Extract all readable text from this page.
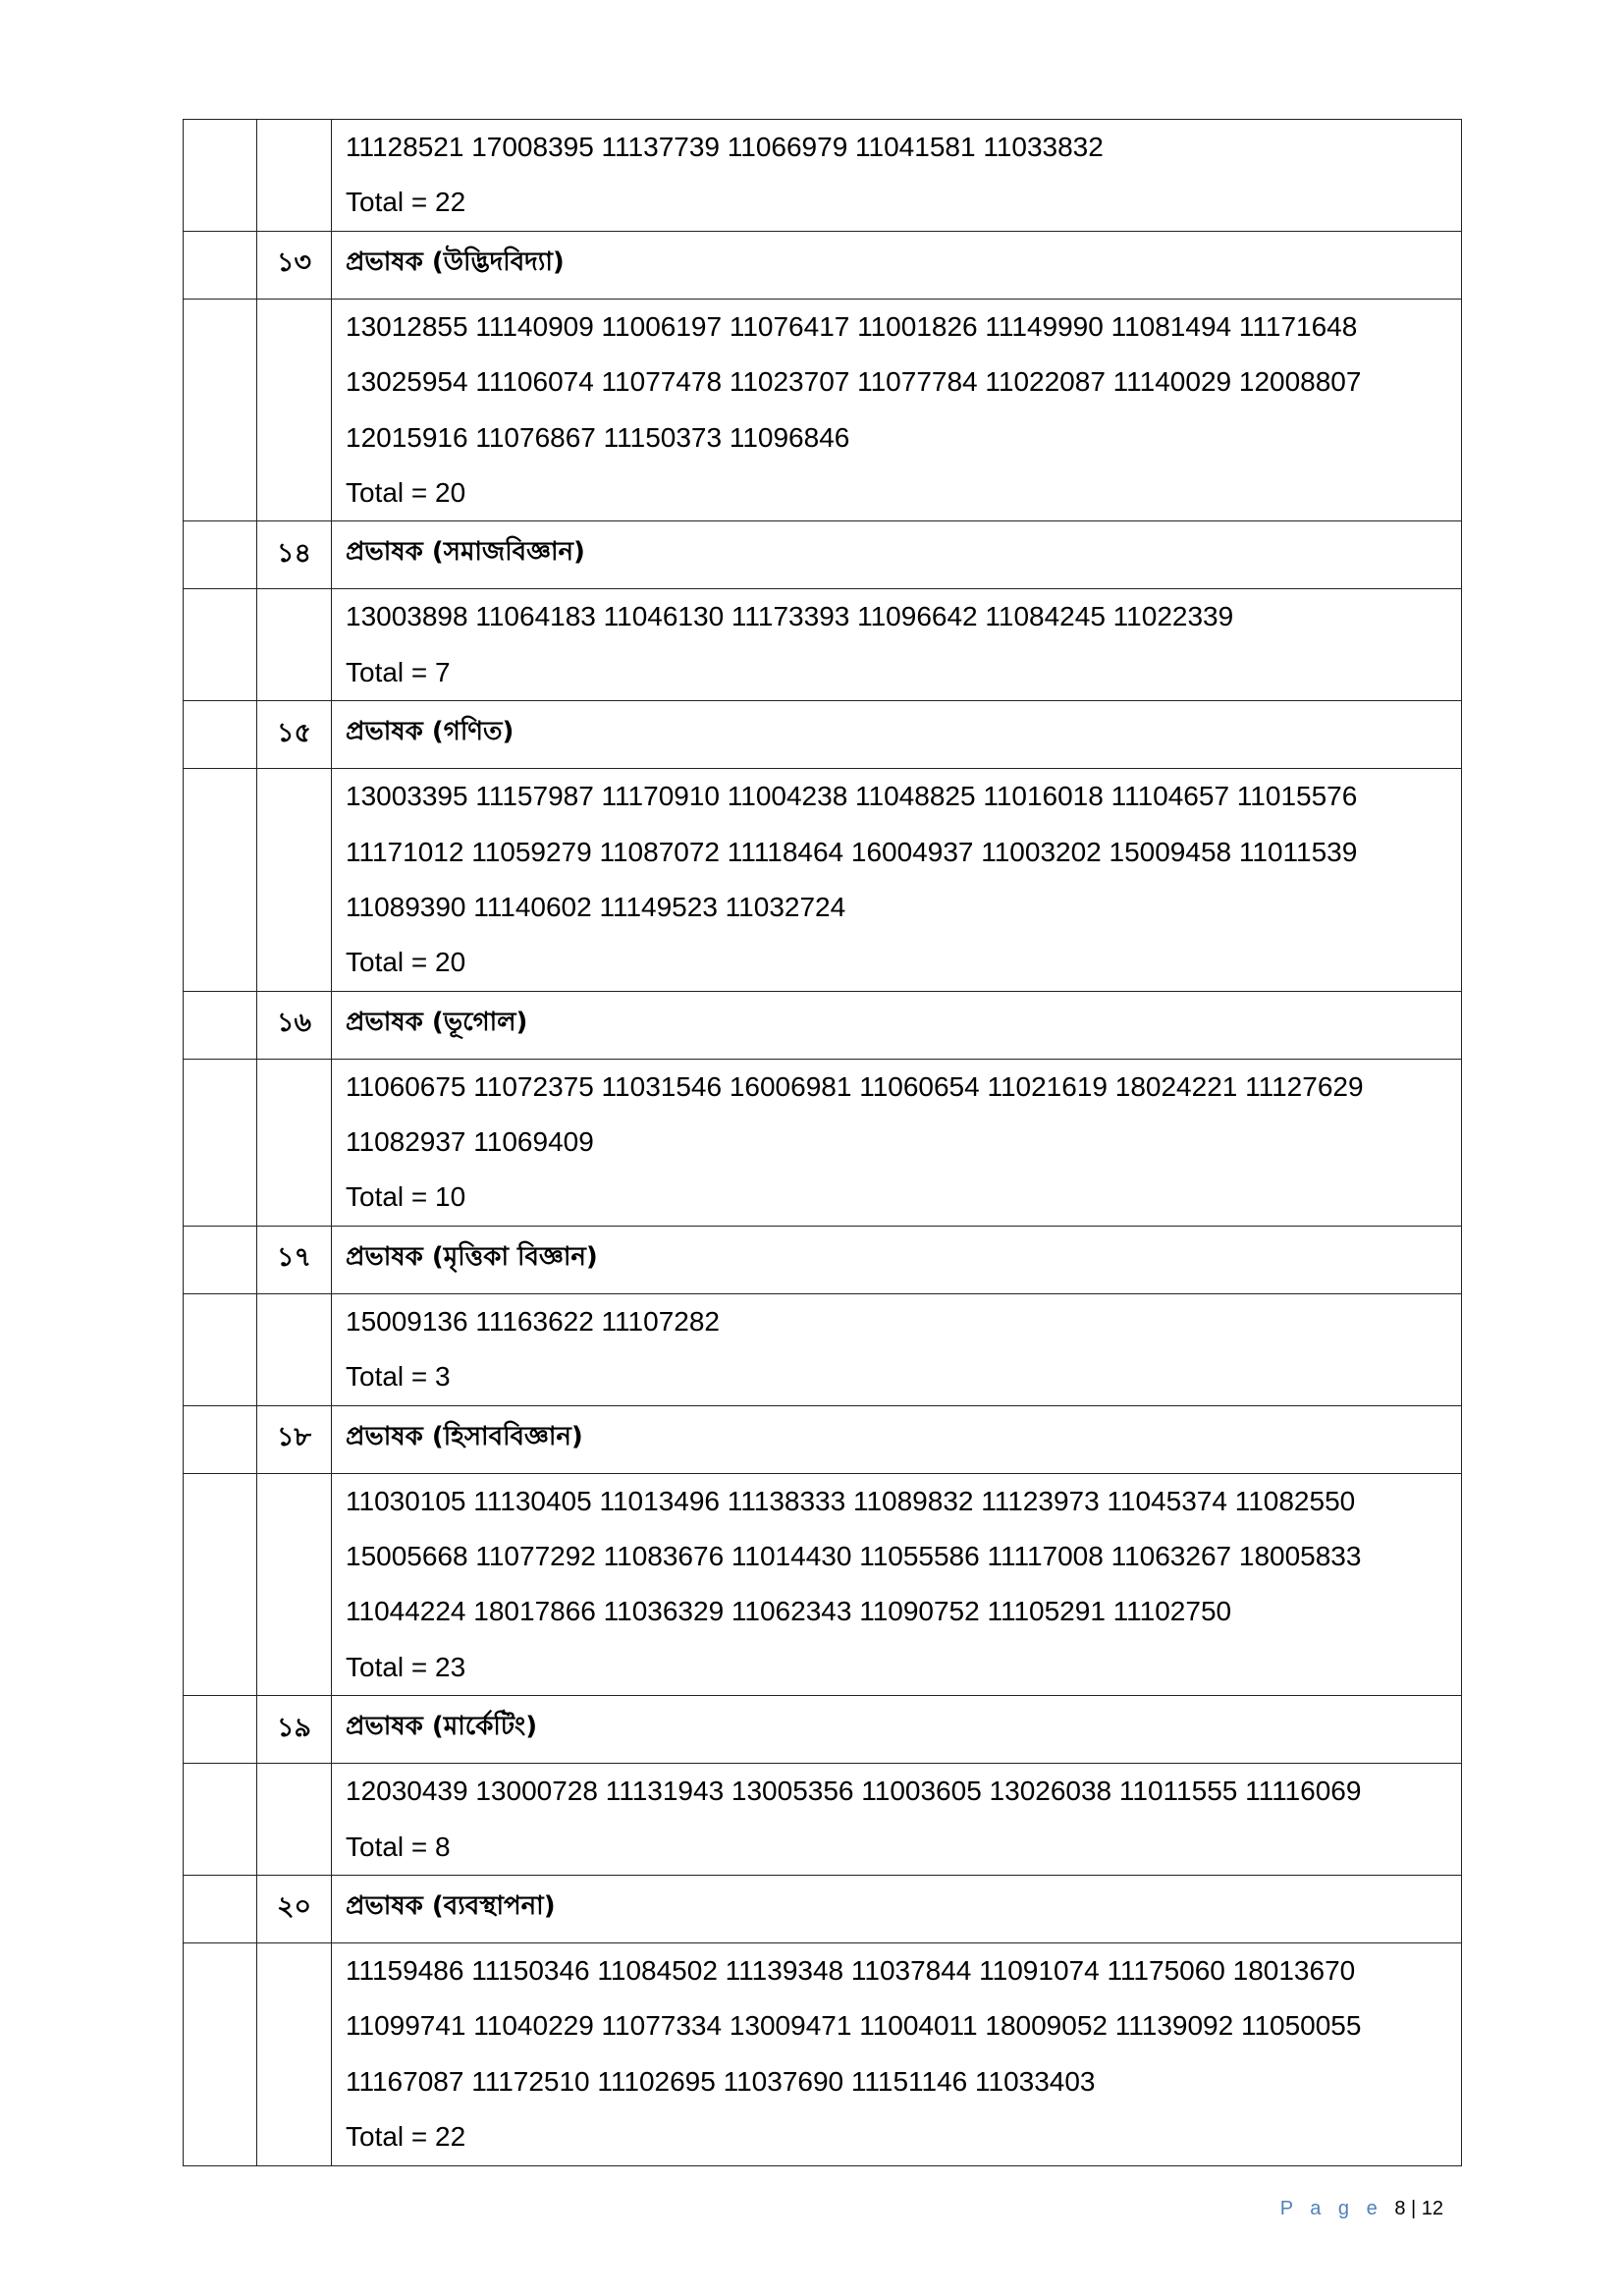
		11128521 17008395 11137739 11066979 11041581 11033832
Total = 22

	১৩	প্রভাষক (উদ্ভিদবিদ্যা)

		13012855 11140909 11006197 11076417 11001826 11149990 11081494 11171648
13025954 11106074 11077478 11023707 11077784 11022087 11140029 12008807
12015916 11076867 11150373 11096846
Total = 20

	১৪	প্রভাষক (সমাজবিজ্ঞান)

		13003898 11064183 11046130 11173393 11096642 11084245 11022339
Total = 7

	১৫	প্রভাষক (গণিত)

		13003395 11157987 11170910 11004238 11048825 11016018 11104657 11015576
11171012 11059279 11087072 11118464 16004937 11003202 15009458 11011539
11089390 11140602 11149523 11032724
Total = 20

	১৬	প্রভাষক (ভূগোল)

		11060675 11072375 11031546 16006981 11060654 11021619 18024221 11127629
11082937 11069409
Total = 10

	১৭	প্রভাষক (মৃত্তিকা বিজ্ঞান)

		15009136 11163622 11107282
Total = 3

	১৮	প্রভাষক (হিসাববিজ্ঞান)

		11030105 11130405 11013496 11138333 11089832 11123973 11045374 11082550
15005668 11077292 11083676 11014430 11055586 11117008 11063267 18005833
11044224 18017866 11036329 11062343 11090752 11105291 11102750
Total = 23

	১৯	প্রভাষক (মার্কেটিং)

		12030439 13000728 11131943 13005356 11003605 13026038 11011555 11116069
Total = 8

	২০	প্রভাষক (ব্যবস্থাপনা)

		11159486 11150346 11084502 11139348 11037844 11091074 11175060 18013670
11099741 11040229 11077334 13009471 11004011 18009052 11139092 11050055
11167087 11172510 11102695 11037690 11151146 11033403
Total = 22
P a g e 8 | 12
